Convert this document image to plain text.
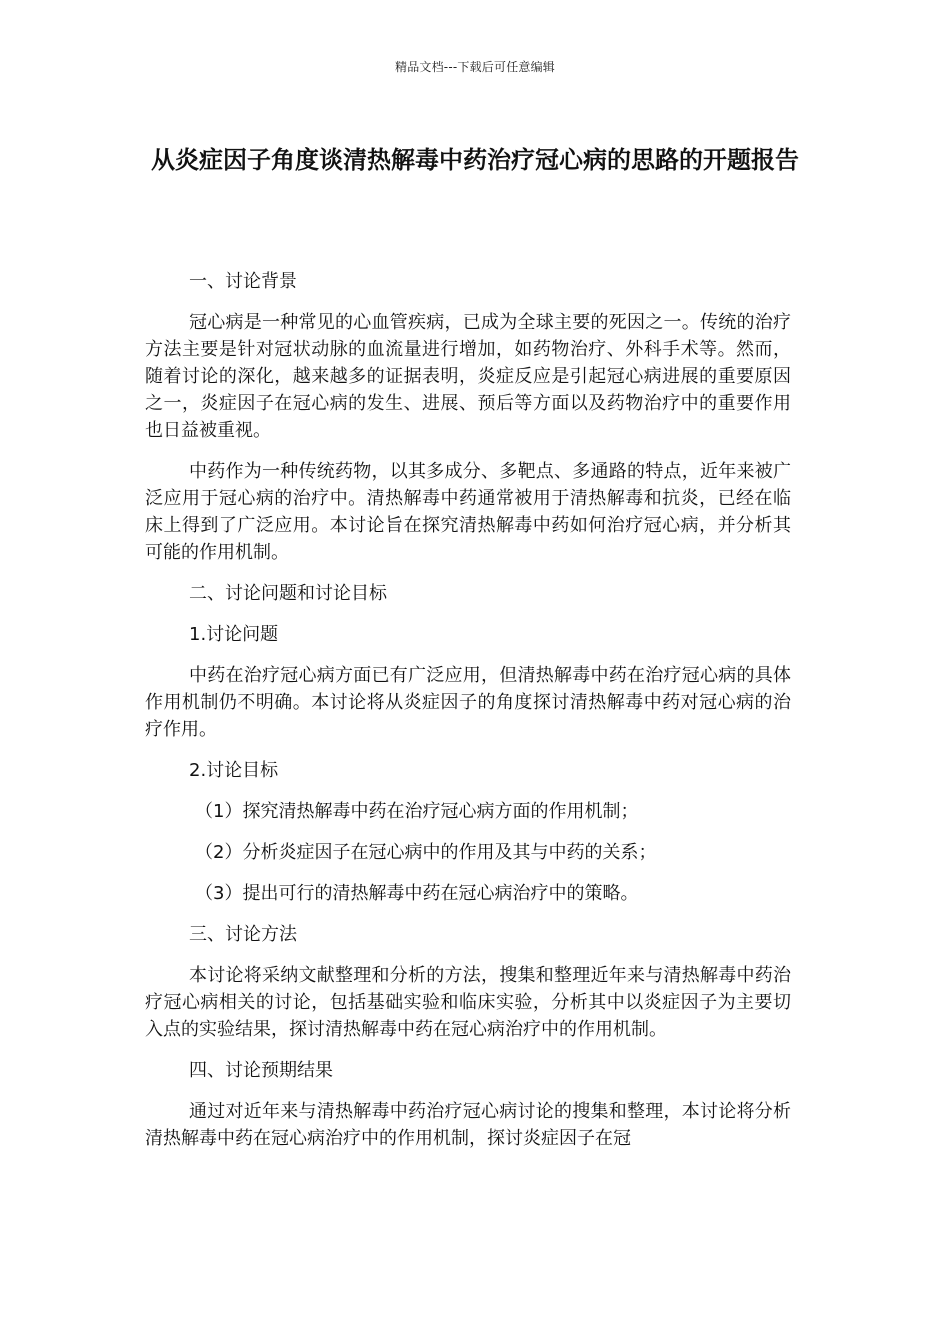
精品文档---下载后可任意编辑
从炎症因子角度谈清热解毒中药治疗冠心病的思路的开题报告

一、讨论背景

冠心病是一种常见的心血管疾病，已成为全球主要的死因之一。传统的治疗方法主要是针对冠状动脉的血流量进行增加，如药物治疗、外科手术等。然而，随着讨论的深化，越来越多的证据表明，炎症反应是引起冠心病进展的重要原因之一，炎症因子在冠心病的发生、进展、预后等方面以及药物治疗中的重要作用也日益被重视。

中药作为一种传统药物，以其多成分、多靶点、多通路的特点，近年来被广泛应用于冠心病的治疗中。清热解毒中药通常被用于清热解毒和抗炎，已经在临床上得到了广泛应用。本讨论旨在探究清热解毒中药如何治疗冠心病，并分析其可能的作用机制。

二、讨论问题和讨论目标

1.讨论问题

中药在治疗冠心病方面已有广泛应用，但清热解毒中药在治疗冠心病的具体作用机制仍不明确。本讨论将从炎症因子的角度探讨清热解毒中药对冠心病的治疗作用。

2.讨论目标

（1）探究清热解毒中药在治疗冠心病方面的作用机制；

（2）分析炎症因子在冠心病中的作用及其与中药的关系；

（3）提出可行的清热解毒中药在冠心病治疗中的策略。

三、讨论方法

本讨论将采纳文献整理和分析的方法，搜集和整理近年来与清热解毒中药治疗冠心病相关的讨论，包括基础实验和临床实验，分析其中以炎症因子为主要切入点的实验结果，探讨清热解毒中药在冠心病治疗中的作用机制。

四、讨论预期结果

通过对近年来与清热解毒中药治疗冠心病讨论的搜集和整理，本讨论将分析清热解毒中药在冠心病治疗中的作用机制，探讨炎症因子在冠
